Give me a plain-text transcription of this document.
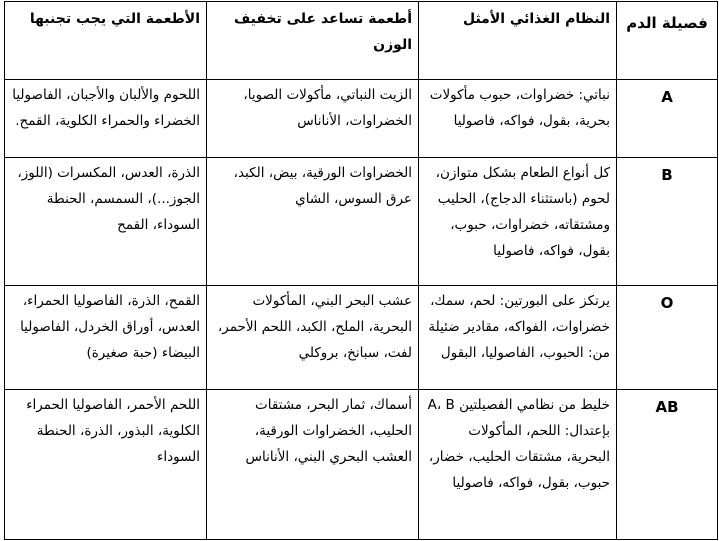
فصيلة الدم	النظام الغذائي الأمثل	أطعمة تساعد على تخفيف الوزن	الأطعمة التي يجب تجنبها
A	نباتي: خضراوات، حبوب مأكولات بحرية، بقول، فواكه، فاصوليا	الزيت النباتي، مأكولات الصويا، الخضراوات، الأناناس	اللحوم والألبان والأجبان، الفاصوليا الخضراء والحمراء الكلوية، القمح.
B	كل أنواع الطعام بشكل متوازن، لحوم (باستثناء الدجاج)، الحليب ومشتقاته، خضراوات، حبوب، بقول، فواكه، فاصوليا	الخضراوات الورقية، بيض، الكبد، عرق السوس، الشاي	الذرة، العدس، المكسرات (اللوز، الجوز...)، السمسم، الحنطة السوداء، القمح
O	يرتكز على البورتين: لحم، سمك، خضراوات، الفواكه، مقادير ضئيلة من: الحبوب، الفاصوليا، البقول	عشب البحر البني، المأكولات البحرية، الملح، الكبد، اللحم الأحمر، لفت، سبانخ، بروكلي	القمح، الذرة، الفاصوليا الحمراء، العدس، أوراق الخردل، الفاصوليا البيضاء (حبة صغيرة)
AB	خليط من نظامي الفصيلتين A، B بإعتدال: اللحم، المأكولات البحرية، مشتقات الحليب، خضار، حبوب، بقول، فواكه، فاصوليا	أسماك، ثمار البحر، مشتقات الحليب، الخضراوات الورقية، العشب البحري البني، الأناناس	اللحم الأحمر، الفاصوليا الحمراء الكلوية، البذور، الذرة، الحنطة السوداء
